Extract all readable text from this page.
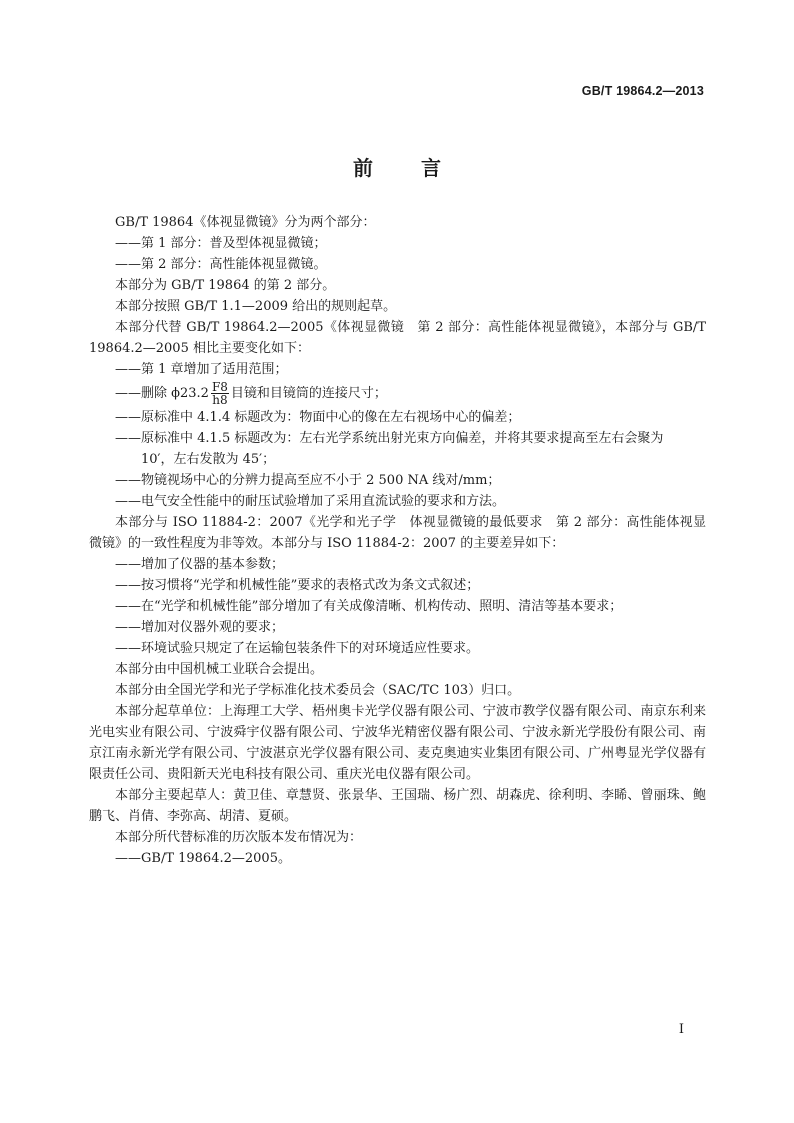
GB/T 19864.2—2013
前言

GB/T 19864《体视显微镜》分为两个部分：

——第 1 部分：普及型体视显微镜；

——第 2 部分：高性能体视显微镜。

本部分为 GB/T 19864 的第 2 部分。

本部分按照 GB/T 1.1—2009 给出的规则起草。

本部分代替 GB/T 19864.2—2005《体视显微镜　第 2 部分：高性能体视显微镜》，本部分与 GB/T 19864.2—2005 相比主要变化如下：

——第 1 章增加了适用范围；

——删除 $\phi 23.2 \frac{F8}{h8}$ 目镜和目镜筒的连接尺寸；

——原标准中 4.1.4 标题改为：物面中心的像在左右视场中心的偏差；

——原标准中 4.1.5 标题改为：左右光学系统出射光束方向偏差，并将其要求提高至左右会聚为

10′，左右发散为 45′；

——物镜视场中心的分辨力提高至应不小于 2 500 NA 线对/mm；

——电气安全性能中的耐压试验增加了采用直流试验的要求和方法。

本部分与 ISO 11884-2：2007《光学和光子学　体视显微镜的最低要求　第 2 部分：高性能体视显微镜》的一致性程度为非等效。本部分与 ISO 11884-2：2007 的主要差异如下：

——增加了仪器的基本参数；

——按习惯将“光学和机械性能”要求的表格式改为条文式叙述；

——在“光学和机械性能”部分增加了有关成像清晰、机构传动、照明、清洁等基本要求；

——增加对仪器外观的要求；

——环境试验只规定了在运输包装条件下的对环境适应性要求。

本部分由中国机械工业联合会提出。

本部分由全国光学和光子学标准化技术委员会（SAC/TC 103）归口。

本部分起草单位：上海理工大学、梧州奥卡光学仪器有限公司、宁波市教学仪器有限公司、南京东利来光电实业有限公司、宁波舜宇仪器有限公司、宁波华光精密仪器有限公司、宁波永新光学股份有限公司、南京江南永新光学有限公司、宁波湛京光学仪器有限公司、麦克奥迪实业集团有限公司、广州粤显光学仪器有限责任公司、贵阳新天光电科技有限公司、重庆光电仪器有限公司。

本部分主要起草人：黄卫佳、章慧贤、张景华、王国瑞、杨广烈、胡森虎、徐利明、李睎、曾丽珠、鲍鹏飞、肖倩、李弥高、胡清、夏硕。

本部分所代替标准的历次版本发布情况为：

——GB/T 19864.2—2005。

I
